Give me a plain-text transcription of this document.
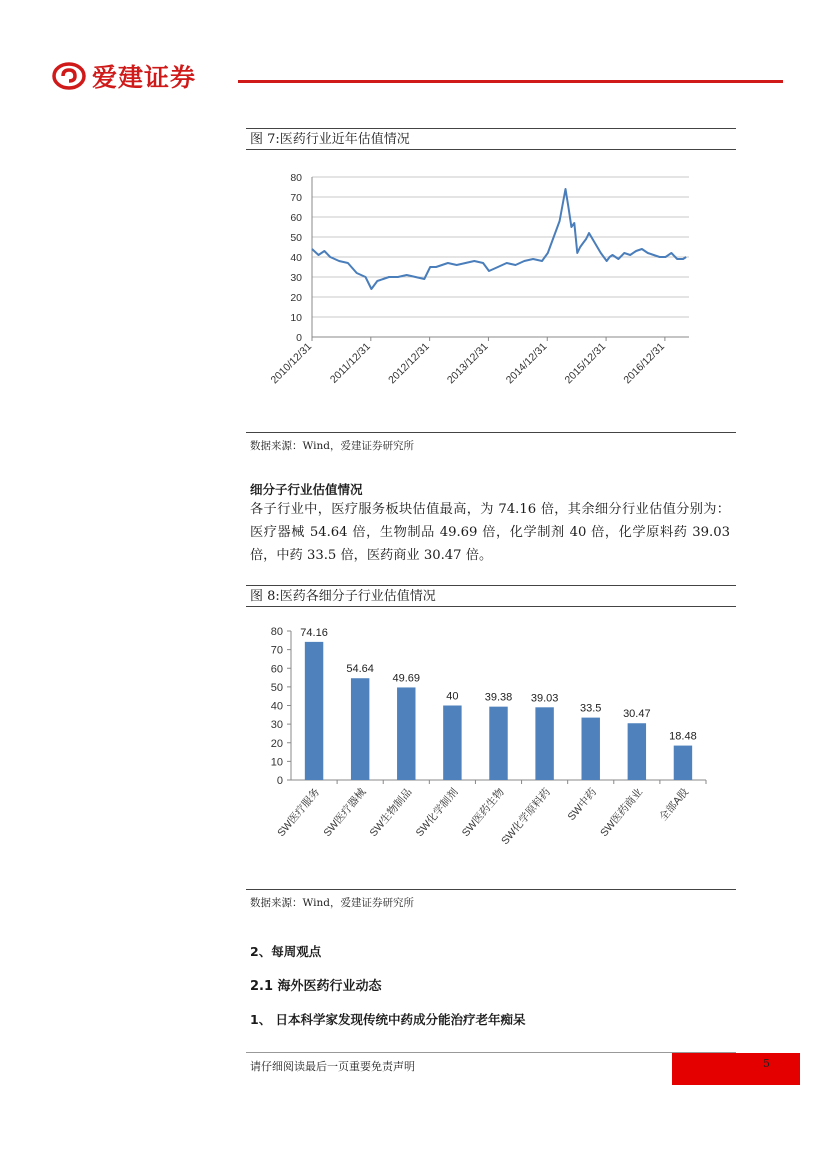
爱建证券
图 7:医药行业近年估值情况
0
10
20
30
40
50
60
70
80
2010/12/31 2011/12/31 2012/12/31 2013/12/31 2014/12/31 2015/12/31 2016/12/31
数据来源：Wind，爱建证券研究所
细分子行业估值情况
各子行业中，医疗服务板块估值最高，为 74.16 倍，其余细分行业估值分别为：医疗器械 54.64 倍，生物制品 49.69 倍，化学制剂 40 倍，化学原料药 39.03 倍，中药 33.5 倍，医药商业 30.47 倍。
图 8:医药各细分子行业估值情况
0
10
20
30
40
50
60
70
80 74.16
SW医疗服务
54.64
SW医疗器械
49.69
SW生物制品
40
SW化学制剂
39.38
SW医药生物
39.03
SW化学原料药
33.5
SW中药
30.47
SW医药商业
18.48
全部A股
数据来源：Wind，爱建证券研究所
2、每周观点
2.1 海外医药行业动态
1、 日本科学家发现传统中药成分能治疗老年痴呆
请仔细阅读最后一页重要免责声明	5
